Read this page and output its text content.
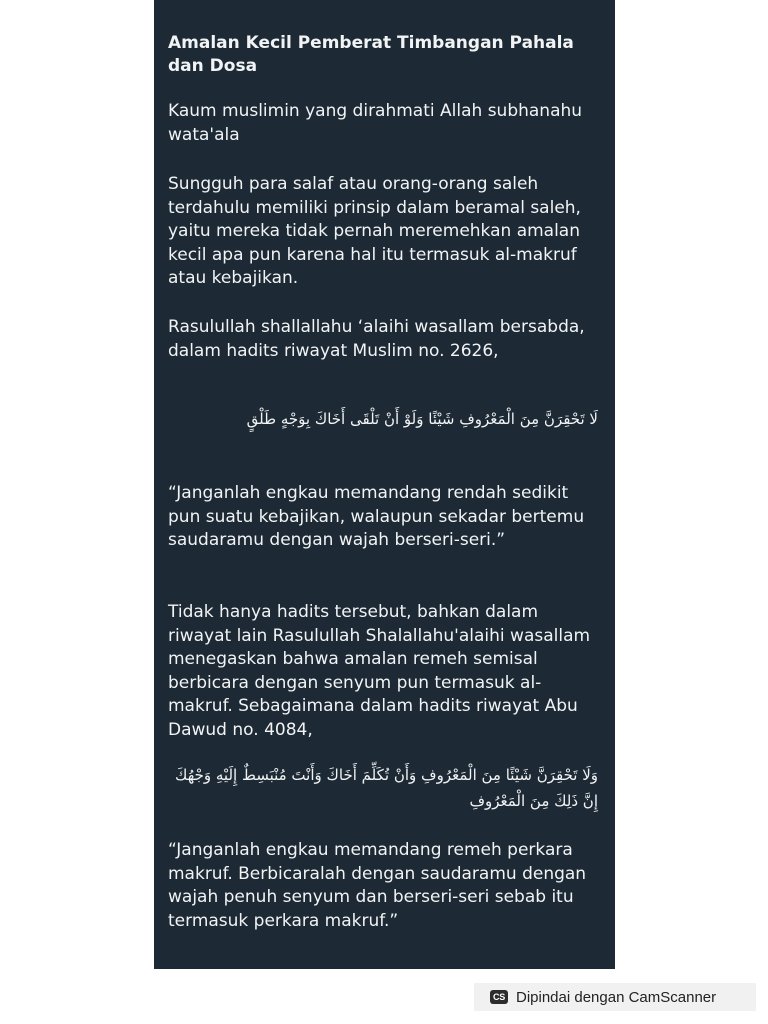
Amalan Kecil Pemberat Timbangan Pahala dan Dosa
Kaum muslimin yang dirahmati Allah subhanahu wata'ala
Sungguh para salaf atau orang-orang saleh terdahulu memiliki prinsip dalam beramal saleh, yaitu mereka tidak pernah meremehkan amalan kecil apa pun karena hal itu termasuk al-makruf atau kebajikan.
Rasulullah shallallahu ‘alaihi wasallam bersabda, dalam hadits riwayat Muslim no. 2626,
لَا تَحْقِرَنَّ مِنَ الْمَعْرُوفِ شَيْئًا وَلَوْ أَنْ تَلْقَى أَخَاكَ بِوَجْهٍ طَلْقٍ
“Janganlah engkau memandang rendah sedikit pun suatu kebajikan, walaupun sekadar bertemu saudaramu dengan wajah berseri-seri.”
Tidak hanya hadits tersebut, bahkan dalam riwayat lain Rasulullah Shalallahu'alaihi wasallam menegaskan bahwa amalan remeh semisal berbicara dengan senyum pun termasuk al-makruf. Sebagaimana dalam hadits riwayat Abu Dawud no. 4084,
وَلَا تَحْقِرَنَّ شَيْئًا مِنَ الْمَعْرُوفِ وَأَنْ تُكَلِّمَ أَخَاكَ وَأَنْتَ مُنْبَسِطٌ إِلَيْهِ وَجْهُكَ إِنَّ ذَلِكَ مِنَ الْمَعْرُوفِ
“Janganlah engkau memandang remeh perkara makruf. Berbicaralah dengan saudaramu dengan wajah penuh senyum dan berseri-seri sebab itu termasuk perkara makruf.”
CS Dipindai dengan CamScanner
